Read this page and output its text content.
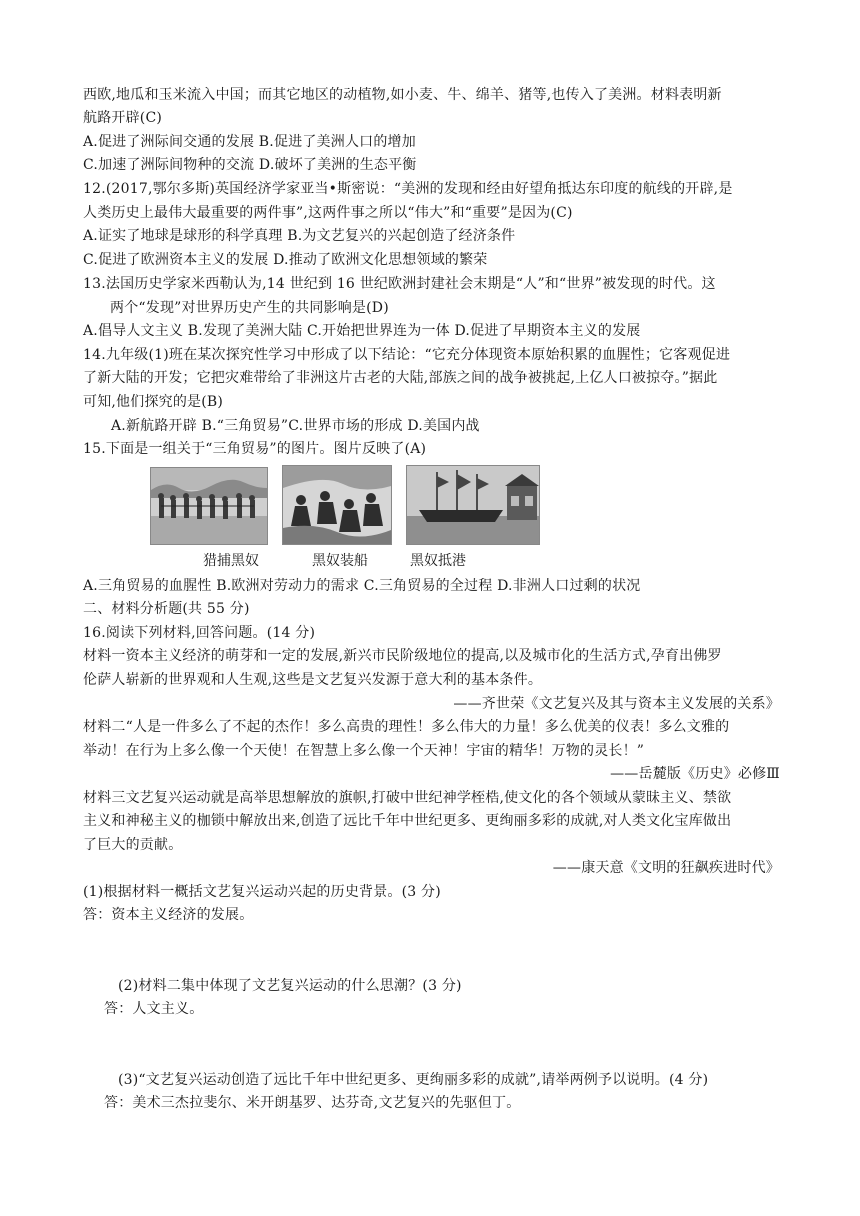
西欧,地瓜和玉米流入中国；而其它地区的动植物,如小麦、牛、绵羊、猪等,也传入了美洲。材料表明新
航路开辟(C)
A.促进了洲际间交通的发展 B.促进了美洲人口的增加
C.加速了洲际间物种的交流 D.破坏了美洲的生态平衡
12.(2017,鄂尔多斯)英国经济学家亚当•斯密说：“美洲的发现和经由好望角抵达东印度的航线的开辟,是
人类历史上最伟大最重要的两件事”,这两件事之所以“伟大”和“重要”是因为(C)
A.证实了地球是球形的科学真理 B.为文艺复兴的兴起创造了经济条件
C.促进了欧洲资本主义的发展 D.推动了欧洲文化思想领域的繁荣
13.法国历史学家米西勒认为,14 世纪到 16 世纪欧洲封建社会末期是“人”和“世界”被发现的时代。这
两个“发现”对世界历史产生的共同影响是(D)
A.倡导人文主义 B.发现了美洲大陆 C.开始把世界连为一体 D.促进了早期资本主义的发展
14.九年级(1)班在某次探究性学习中形成了以下结论：“它充分体现资本原始积累的血腥性；它客观促进
了新大陆的开发；它把灾难带给了非洲这片古老的大陆,部族之间的战争被挑起,上亿人口被掠夺。”据此
可知,他们探究的是(B)
A.新航路开辟 B.“三角贸易”C.世界市场的形成 D.美国内战
15.下面是一组关于“三角贸易”的图片。图片反映了(A)
猎捕黑奴	黑奴装船	黑奴抵港
A.三角贸易的血腥性 B.欧洲对劳动力的需求 C.三角贸易的全过程 D.非洲人口过剩的状况
二、材料分析题(共 55 分)
16.阅读下列材料,回答问题。(14 分)
材料一资本主义经济的萌芽和一定的发展,新兴市民阶级地位的提高,以及城市化的生活方式,孕育出佛罗
伦萨人崭新的世界观和人生观,这些是文艺复兴发源于意大利的基本条件。
——齐世荣《文艺复兴及其与资本主义发展的关系》
材料二“人是一件多么了不起的杰作！多么高贵的理性！多么伟大的力量！多么优美的仪表！多么文雅的
举动！在行为上多么像一个天使！在智慧上多么像一个天神！宇宙的精华！万物的灵长！”
——岳麓版《历史》必修Ⅲ
材料三文艺复兴运动就是高举思想解放的旗帜,打破中世纪神学桎梏,使文化的各个领域从蒙昧主义、禁欲
主义和神秘主义的枷锁中解放出来,创造了远比千年中世纪更多、更绚丽多彩的成就,对人类文化宝库做出
了巨大的贡献。
——康天意《文明的狂飙疾进时代》
(1)根据材料一概括文艺复兴运动兴起的历史背景。(3 分)
答：资本主义经济的发展。
(2)材料二集中体现了文艺复兴运动的什么思潮？(3 分)
答：人文主义。
(3)“文艺复兴运动创造了远比千年中世纪更多、更绚丽多彩的成就”,请举两例予以说明。(4 分)
答：美术三杰拉斐尔、米开朗基罗、达芬奇,文艺复兴的先驱但丁。
